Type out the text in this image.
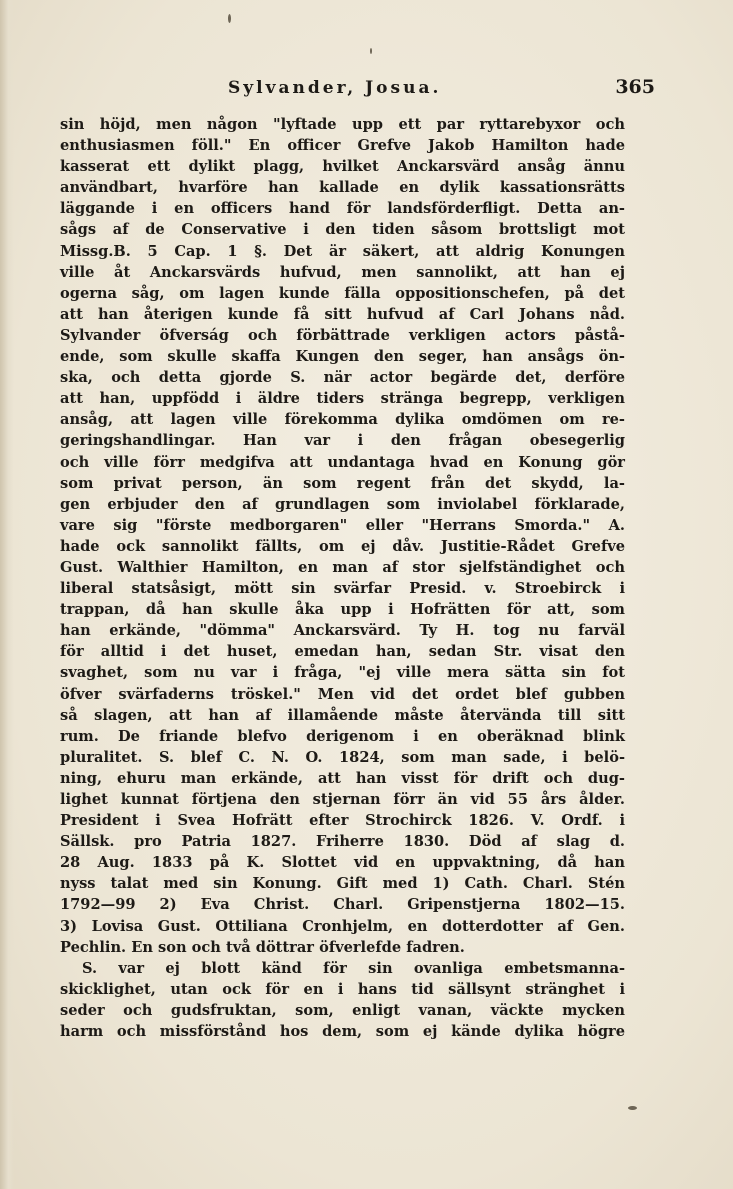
Sylvander, Josua.	365
sin höjd, men någon "lyftade upp ett par ryttarebyxor och
enthusiasmen föll." En officer Grefve Jakob Hamilton hade
kasserat ett dylikt plagg, hvilket Anckarsvärd ansåg ännu
användbart, hvarföre han kallade en dylik kassationsrätts
läggande i en officers hand för landsförderfligt. Detta an-
sågs af de Conservative i den tiden såsom brottsligt mot
Missg.B. 5 Cap. 1 §. Det är säkert, att aldrig Konungen
ville åt Anckarsvärds hufvud, men sannolikt, att han ej
ogerna såg, om lagen kunde fälla oppositionschefen, på det
att han återigen kunde få sitt hufvud af Carl Johans nåd.
Sylvander öfverság och förbättrade verkligen actors påstå-
ende, som skulle skaffa Kungen den seger, han ansågs ön-
ska, och detta gjorde S. när actor begärde det, derföre
att han, uppfödd i äldre tiders stränga begrepp, verkligen
ansåg, att lagen ville förekomma dylika omdömen om re-
geringshandlingar. Han var i den frågan obesegerlig
och ville förr medgifva att undantaga hvad en Konung gör
som privat person, än som regent från det skydd, la-
gen erbjuder den af grundlagen som inviolabel förklarade,
vare sig "förste medborgaren" eller "Herrans Smorda." A.
hade ock sannolikt fällts, om ej dåv. Justitie-Rådet Grefve
Gust. Walthier Hamilton, en man af stor sjelfständighet och
liberal statsåsigt, mött sin svärfar Presid. v. Stroebirck i
trappan, då han skulle åka upp i Hofrätten för att, som
han erkände, "dömma" Anckarsvärd. Ty H. tog nu farväl
för alltid i det huset, emedan han, sedan Str. visat den
svaghet, som nu var i fråga, "ej ville mera sätta sin fot
öfver svärfaderns tröskel." Men vid det ordet blef gubben
så slagen, att han af illamående måste återvända till sitt
rum. De friande blefvo derigenom i en oberäknad blink
pluralitet. S. blef C. N. O. 1824, som man sade, i belö-
ning, ehuru man erkände, att han visst för drift och dug-
lighet kunnat förtjena den stjernan förr än vid 55 års ålder.
President i Svea Hofrätt efter Strochirck 1826. V. Ordf. i
Sällsk. pro Patria 1827. Friherre 1830. Död af slag d.
28 Aug. 1833 på K. Slottet vid en uppvaktning, då han
nyss talat med sin Konung. Gift med 1) Cath. Charl. Stén
1792—99 2) Eva Christ. Charl. Gripenstjerna 1802—15.
3) Lovisa Gust. Ottiliana Cronhjelm, en dotterdotter af Gen.
Pechlin. En son och två döttrar öfverlefde fadren.
S. var ej blott känd för sin ovanliga embetsmanna-
skicklighet, utan ock för en i hans tid sällsynt stränghet i
seder och gudsfruktan, som, enligt vanan, väckte mycken
harm och missförstånd hos dem, som ej kände dylika högre
